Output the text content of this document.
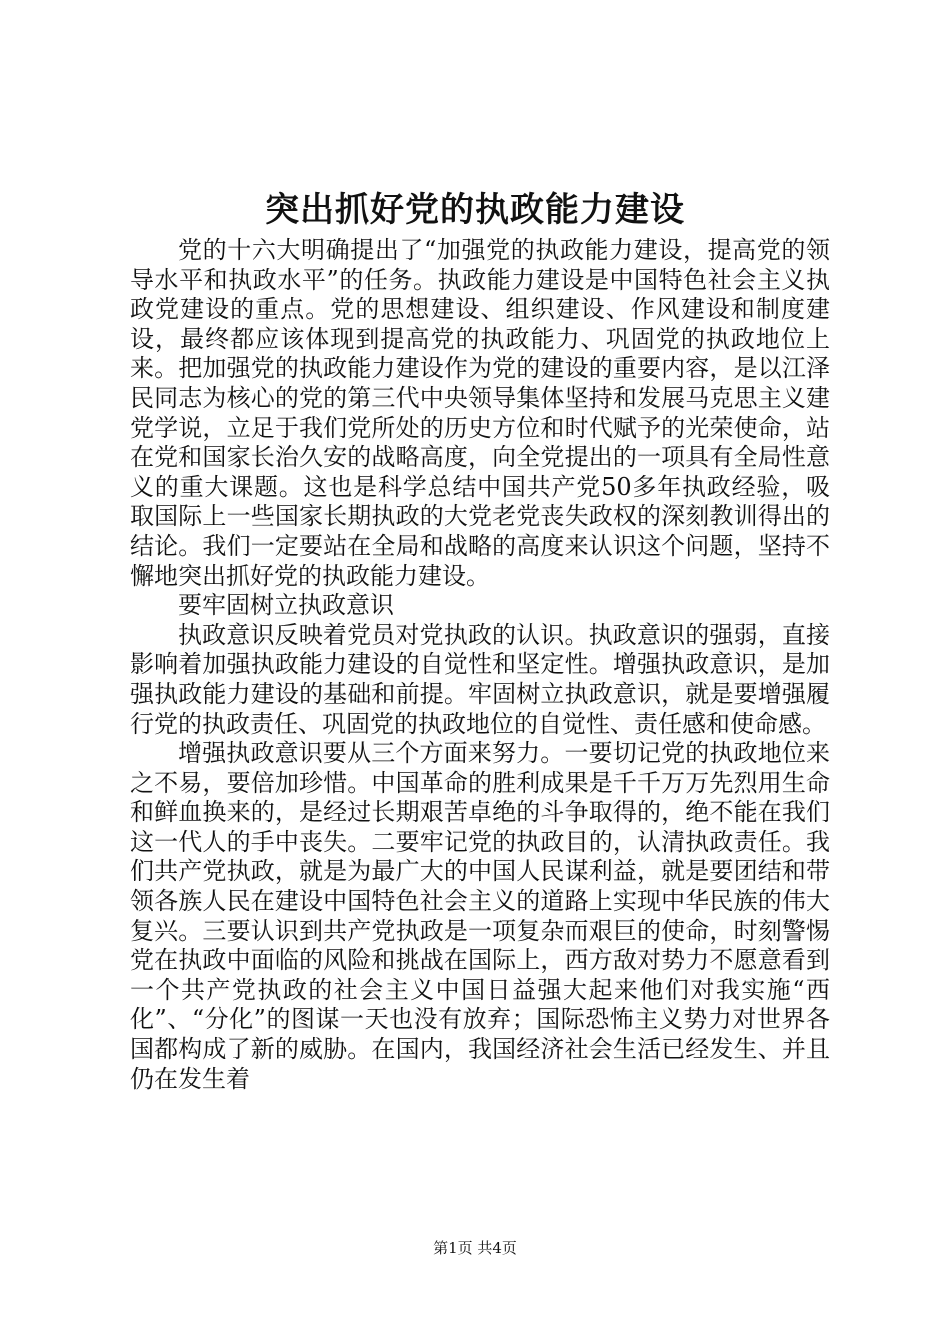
突出抓好党的执政能力建设

党的十六大明确提出了“加强党的执政能力建设，提高党的领导水平和执政水平”的任务。执政能力建设是中国特色社会主义执政党建设的重点。党的思想建设、组织建设、作风建设和制度建设，最终都应该体现到提高党的执政能力、巩固党的执政地位上来。把加强党的执政能力建设作为党的建设的重要内容，是以江泽民同志为核心的党的第三代中央领导集体坚持和发展马克思主义建党学说，立足于我们党所处的历史方位和时代赋予的光荣使命，站在党和国家长治久安的战略高度，向全党提出的一项具有全局性意义的重大课题。这也是科学总结中国共产党50多年执政经验，吸取国际上一些国家长期执政的大党老党丧失政权的深刻教训得出的结论。我们一定要站在全局和战略的高度来认识这个问题，坚持不懈地突出抓好党的执政能力建设。

要牢固树立执政意识

执政意识反映着党员对党执政的认识。执政意识的强弱，直接影响着加强执政能力建设的自觉性和坚定性。增强执政意识，是加强执政能力建设的基础和前提。牢固树立执政意识，就是要增强履行党的执政责任、巩固党的执政地位的自觉性、责任感和使命感。

增强执政意识要从三个方面来努力。一要切记党的执政地位来之不易，要倍加珍惜。中国革命的胜利成果是千千万万先烈用生命和鲜血换来的，是经过长期艰苦卓绝的斗争取得的，绝不能在我们这一代人的手中丧失。二要牢记党的执政目的，认清执政责任。我们共产党执政，就是为最广大的中国人民谋利益，就是要团结和带领各族人民在建设中国特色社会主义的道路上实现中华民族的伟大复兴。三要认识到共产党执政是一项复杂而艰巨的使命，时刻警惕党在执政中面临的风险和挑战在国际上，西方敌对势力不愿意看到一个共产党执政的社会主义中国日益强大起来他们对我实施“西化”、“分化”的图谋一天也没有放弃；国际恐怖主义势力对世界各国都构成了新的威胁。在国内，我国经济社会生活已经发生、并且仍在发生着

第1页 共4页
